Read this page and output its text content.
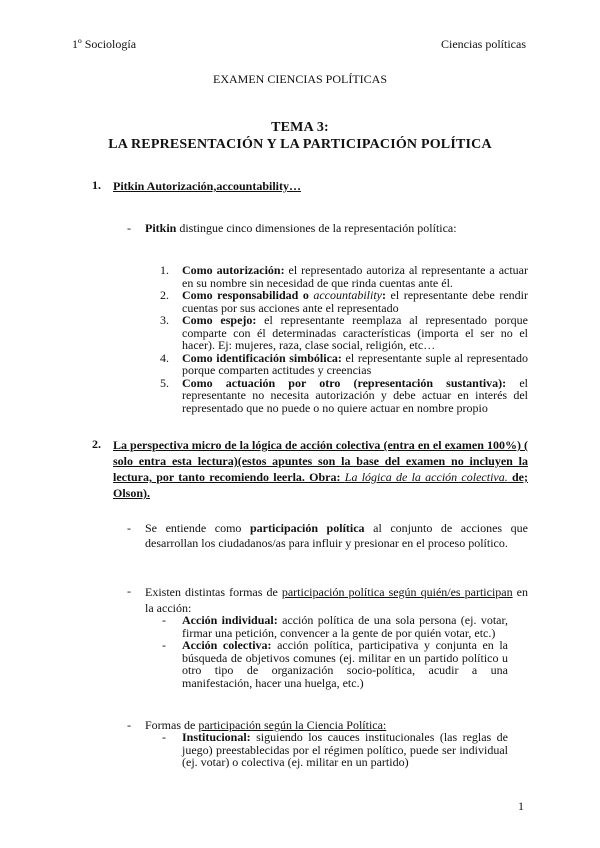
1º Sociología	Ciencias políticas
EXAMEN CIENCIAS POLÍTICAS
TEMA 3:
LA REPRESENTACIÓN Y LA PARTICIPACIÓN POLÍTICA
1. Pitkin Autorización,accountability…
- Pitkin distingue cinco dimensiones de la representación política:

1. Como autorización: el representado autoriza al representante a actuar en su nombre sin necesidad de que rinda cuentas ante él.

2. Como responsabilidad o accountability: el representante debe rendir cuentas por sus acciones ante el representado

3. Como espejo: el representante reemplaza al representado porque comparte con él determinadas características (importa el ser no el hacer). Ej: mujeres, raza, clase social, religión, etc…

4. Como identificación simbólica: el representante suple al representado porque comparten actitudes y creencias

5. Como actuación por otro (representación sustantiva): el representante no necesita autorización y debe actuar en interés del representado que no puede o no quiere actuar en nombre propio

2. La perspectiva micro de la lógica de acción colectiva (entra en el examen 100%) ( solo entra esta lectura)(estos apuntes son la base del examen no incluyen la lectura, por tanto recomiendo leerla. Obra: La lógica de la acción colectiva. de; Olson).
- Se entiende como participación política al conjunto de acciones que desarrollan los ciudadanos/as para influir y presionar en el proceso político.
- Existen distintas formas de participación política según quién/es participan en la acción:

- Acción individual: acción política de una sola persona (ej. votar, firmar una petición, convencer a la gente de por quién votar, etc.)

- Acción colectiva: acción política, participativa y conjunta en la búsqueda de objetivos comunes (ej. militar en un partido político u otro tipo de organización socio-política, acudir a una manifestación, hacer una huelga, etc.)

- Formas de participación según la Ciencia Política:

- Institucional: siguiendo los cauces institucionales (las reglas de juego) preestablecidas por el régimen político, puede ser individual (ej. votar) o colectiva (ej. militar en un partido)

1
